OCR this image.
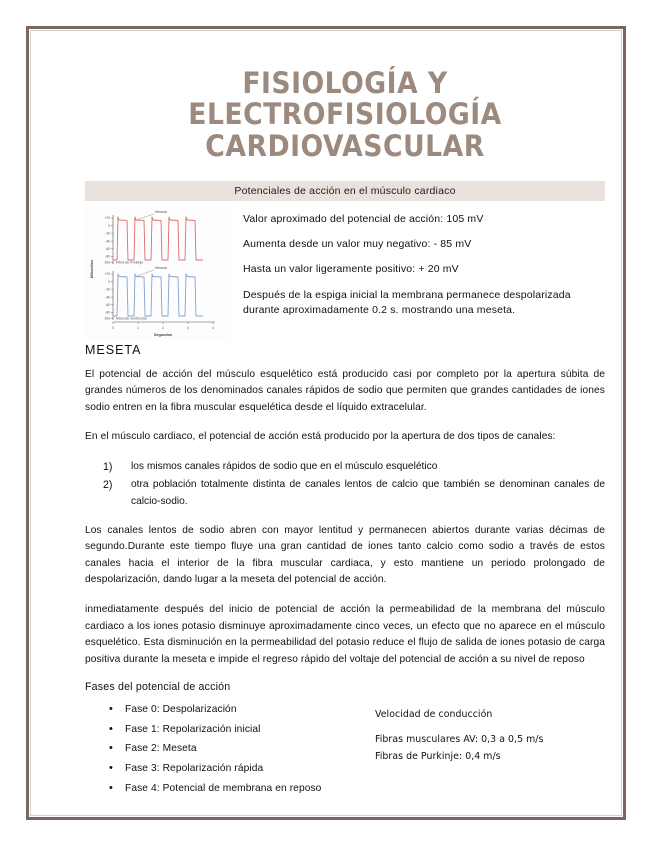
FISIOLOGÍA Y ELECTROFISIOLOGÍA
CARDIOVASCULAR
Potenciales de acción en el músculo cardiaco
+20
0
-20
-40
-60
-80
-100
Meseta
Fibra de Purkinje
+20
0
-20
-40
-60
-80
-100
Meseta
Músculo ventricular
0	1	2	3	4
Segundos
Milivoltios
Valor aproximado del potencial de acción: 105 mV
Aumenta desde un valor muy negativo: - 85 mV
Hasta un valor ligeramente positivo: + 20 mV
Después de la espiga inicial la membrana permanece despolarizada durante aproximadamente 0.2 s. mostrando una meseta.
MESETA

El potencial de acción del músculo esquelético está producido casi por completo por la apertura súbita de grandes números de los denominados canales rápidos de sodio que permiten que grandes cantidades de iones sodio entren en la fibra muscular esquelética desde el líquido extracelular.

En el músculo cardiaco, el potencial de acción está producido por la apertura de dos tipos de canales:

los mismos canales rápidos de sodio que en el músculo esquelético
otra población totalmente distinta de canales lentos de calcio que también se denominan canales de calcio-sodio.

Los canales lentos de sodio abren con mayor lentitud y permanecen abiertos durante varias décimas de segundo.Durante este tiempo fluye una gran cantidad de iones tanto calcio como sodio a través de estos canales hacia el interior de la fibra muscular cardiaca, y esto mantiene un periodo prolongado de despolarización, dando lugar a la meseta del potencial de acción.

inmediatamente después del inicio de potencial de acción la permeabilidad de la membrana del músculo cardiaco a los iones potasio disminuye aproximadamente cinco veces, un efecto que no aparece en el músculo esquelético. Esta disminución en la permeabilidad del potasio reduce el flujo de salida de iones potasio de carga positiva durante la meseta e impide el regreso rápido del voltaje del potencial de acción a su nivel de reposo

Fases del potencial de acción
• Fase 0: Despolarización
• Fase 1: Repolarización inicial
• Fase 2: Meseta
• Fase 3: Repolarización rápida
• Fase 4: Potencial de membrana en reposo
Velocidad de conducción
Fibras musculares AV: 0,3 a 0,5 m/s
Fibras de Purkinje: 0,4 m/s
